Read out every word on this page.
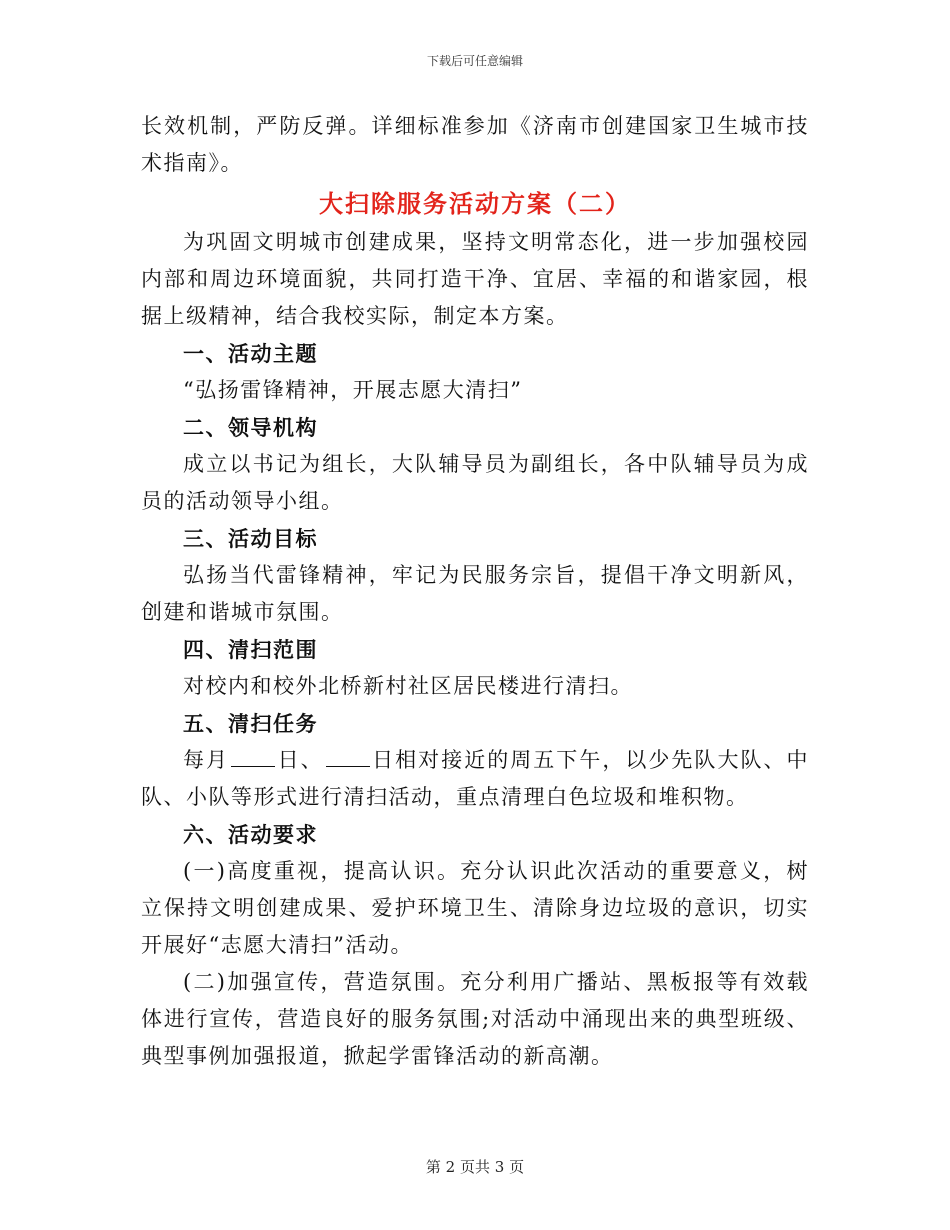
下载后可任意编辑

长效机制，严防反弹。详细标准参加《济南市创建国家卫生城市技术指南》。

大扫除服务活动方案（二）

为巩固文明城市创建成果，坚持文明常态化，进一步加强校园内部和周边环境面貌，共同打造干净、宜居、幸福的和谐家园，根据上级精神，结合我校实际，制定本方案。

一、活动主题

“弘扬雷锋精神，开展志愿大清扫”

二、领导机构

成立以书记为组长，大队辅导员为副组长，各中队辅导员为成员的活动领导小组。

三、活动目标

弘扬当代雷锋精神，牢记为民服务宗旨，提倡干净文明新风，创建和谐城市氛围。

四、清扫范围

对校内和校外北桥新村社区居民楼进行清扫。

五、清扫任务

每月 日、 日相对接近的周五下午，以少先队大队、中队、小队等形式进行清扫活动，重点清理白色垃圾和堆积物。

六、活动要求

(一)高度重视，提高认识。充分认识此次活动的重要意义，树立保持文明创建成果、爱护环境卫生、清除身边垃圾的意识，切实开展好“志愿大清扫”活动。

(二)加强宣传，营造氛围。充分利用广播站、黑板报等有效载体进行宣传，营造良好的服务氛围;对活动中涌现出来的典型班级、典型事例加强报道，掀起学雷锋活动的新高潮。

第 2 页共 3 页
